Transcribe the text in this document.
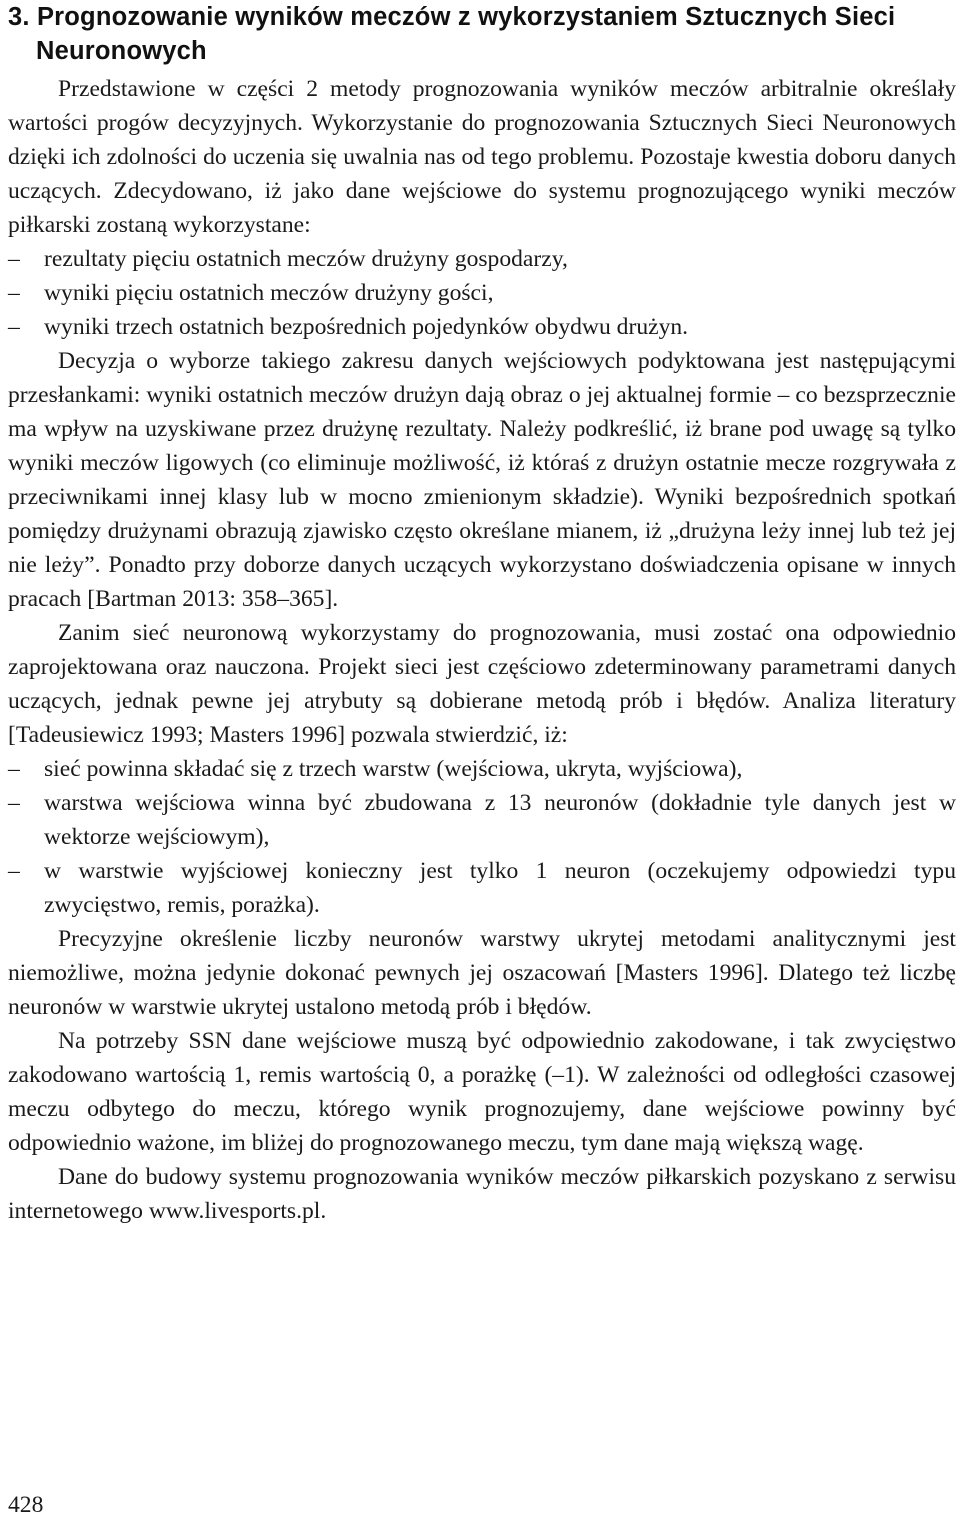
3. Prognozowanie wyników meczów z wykorzystaniem Sztucznych Sieci Neuronowych

Przedstawione w części 2 metody prognozowania wyników meczów arbitralnie określały wartości progów decyzyjnych. Wykorzystanie do prognozowania Sztucznych Sieci Neuronowych dzięki ich zdolności do uczenia się uwalnia nas od tego problemu. Pozostaje kwestia doboru danych uczących. Zdecydowano, iż jako dane wejściowe do systemu prognozującego wyniki meczów piłkarski zostaną wykorzystane:

–	rezultaty pięciu ostatnich meczów drużyny gospodarzy,
–	wyniki pięciu ostatnich meczów drużyny gości,
–	wyniki trzech ostatnich bezpośrednich pojedynków obydwu drużyn.

Decyzja o wyborze takiego zakresu danych wejściowych podyktowana jest następującymi przesłankami: wyniki ostatnich meczów drużyn dają obraz o jej aktualnej formie – co bezsprzecznie ma wpływ na uzyskiwane przez drużynę rezultaty. Należy podkreślić, iż brane pod uwagę są tylko wyniki meczów ligowych (co eliminuje możliwość, iż któraś z drużyn ostatnie mecze rozgrywała z przeciwnikami innej klasy lub w mocno zmienionym składzie). Wyniki bezpośrednich spotkań pomiędzy drużynami obrazują zjawisko często określane mianem, iż „drużyna leży innej lub też jej nie leży”. Ponadto przy doborze danych uczących wykorzystano doświadczenia opisane w innych pracach [Bartman 2013: 358–365].

Zanim sieć neuronową wykorzystamy do prognozowania, musi zostać ona odpowiednio zaprojektowana oraz nauczona. Projekt sieci jest częściowo zdeterminowany parametrami danych uczących, jednak pewne jej atrybuty są dobierane metodą prób i błędów. Analiza literatury [Tadeusiewicz 1993; Masters 1996] pozwala stwierdzić, iż:

–	sieć powinna składać się z trzech warstw (wejściowa, ukryta, wyjściowa),
–	warstwa wejściowa winna być zbudowana z 13 neuronów (dokładnie tyle danych jest w wektorze wejściowym),
–	w warstwie wyjściowej konieczny jest tylko 1 neuron (oczekujemy odpowiedzi typu zwycięstwo, remis, porażka).

Precyzyjne określenie liczby neuronów warstwy ukrytej metodami analitycznymi jest niemożliwe, można jedynie dokonać pewnych jej oszacowań [Masters 1996]. Dlatego też liczbę neuronów w warstwie ukrytej ustalono metodą prób i błędów.

Na potrzeby SSN dane wejściowe muszą być odpowiednio zakodowane, i tak zwycięstwo zakodowano wartością 1, remis wartością 0, a porażkę (–1). W zależności od odległości czasowej meczu odbytego do meczu, którego wynik prognozujemy, dane wejściowe powinny być odpowiednio ważone, im bliżej do prognozowanego meczu, tym dane mają większą wagę.

Dane do budowy systemu prognozowania wyników meczów piłkarskich pozyskano z serwisu internetowego www.livesports.pl.

428
